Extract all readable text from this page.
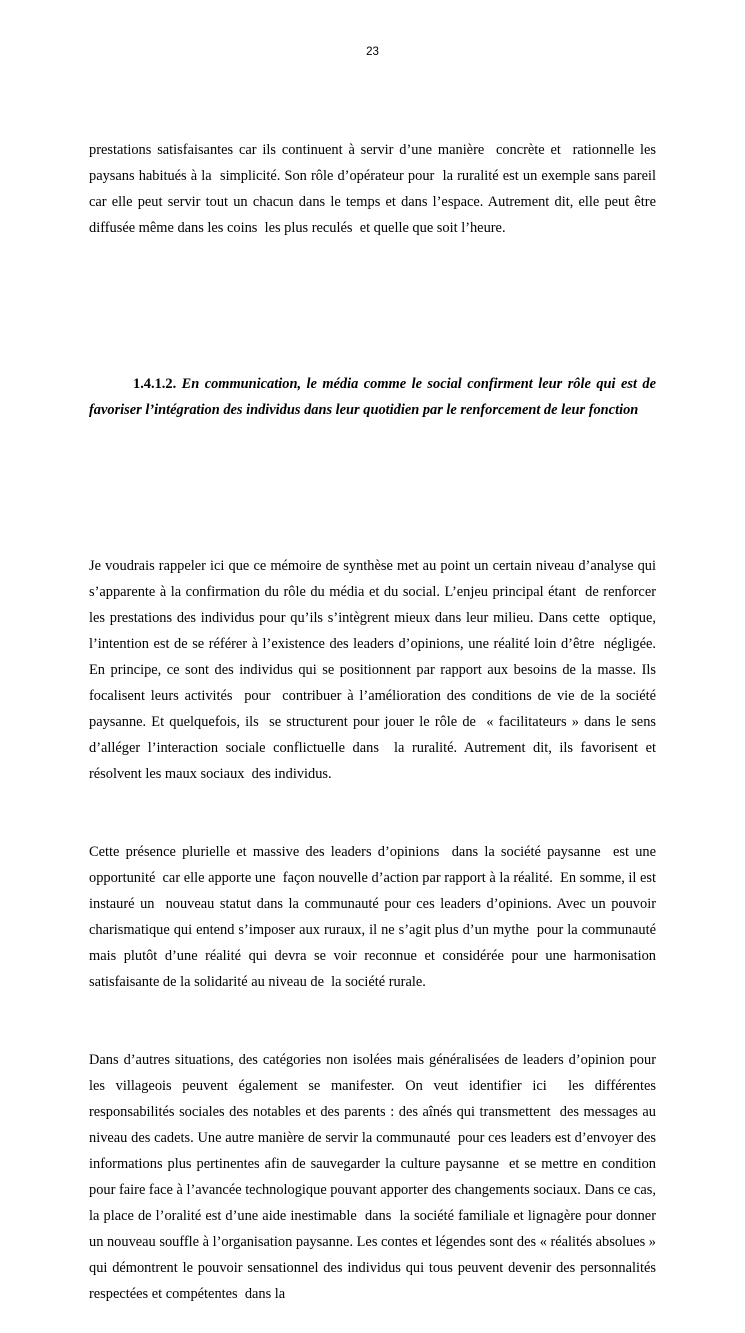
23

prestations satisfaisantes car ils continuent à servir d’une manière  concrète et  rationnelle les paysans habitués à la  simplicité. Son rôle d’opérateur pour  la ruralité est un exemple sans pareil car elle peut servir tout un chacun dans le temps et dans l’espace. Autrement dit, elle peut être diffusée même dans les coins  les plus reculés  et quelle que soit l’heure.

1.4.1.2. En communication, le média comme le social confirment leur rôle qui est de favoriser l’intégration des individus dans leur quotidien par le renforcement de leur fonction

Je voudrais rappeler ici que ce mémoire de synthèse met au point un certain niveau d’analyse qui s’apparente à la confirmation du rôle du média et du social. L’enjeu principal étant  de renforcer les prestations des individus pour qu’ils s’intègrent mieux dans leur milieu. Dans cette  optique, l’intention est de se référer à l’existence des leaders d’opinions, une réalité loin d’être  négligée. En principe, ce sont des individus qui se positionnent par rapport aux besoins de la masse. Ils focalisent leurs activités  pour  contribuer à l’amélioration des conditions de vie de la société paysanne. Et quelquefois, ils  se structurent pour jouer le rôle de  « facilitateurs » dans le sens d’alléger l’interaction sociale conflictuelle dans  la ruralité. Autrement dit, ils favorisent et résolvent les maux sociaux  des individus.

Cette présence plurielle et massive des leaders d’opinions  dans la société paysanne  est une opportunité  car elle apporte une  façon nouvelle d’action par rapport à la réalité.  En somme, il est instauré un  nouveau statut dans la communauté pour ces leaders d’opinions. Avec un pouvoir charismatique qui entend s’imposer aux ruraux, il ne s’agit plus d’un mythe  pour la communauté mais plutôt d’une réalité qui devra se voir reconnue et considérée pour une harmonisation satisfaisante de la solidarité au niveau de  la société rurale.

Dans d’autres situations, des catégories non isolées mais généralisées de leaders d’opinion pour les villageois peuvent également se manifester. On veut identifier ici  les différentes responsabilités sociales des notables et des parents : des aînés qui transmettent  des messages au  niveau des cadets. Une autre manière de servir la communauté  pour ces leaders est d’envoyer des informations plus pertinentes afin de sauvegarder la culture paysanne  et se mettre en condition pour faire face à l’avancée technologique pouvant apporter des changements sociaux. Dans ce cas, la place de l’oralité est d’une aide inestimable  dans  la société familiale et lignagère pour donner un nouveau souffle à l’organisation paysanne. Les contes et légendes sont des « réalités absolues » qui démontrent le pouvoir sensationnel des individus qui tous peuvent devenir des personnalités respectées et compétentes  dans la
